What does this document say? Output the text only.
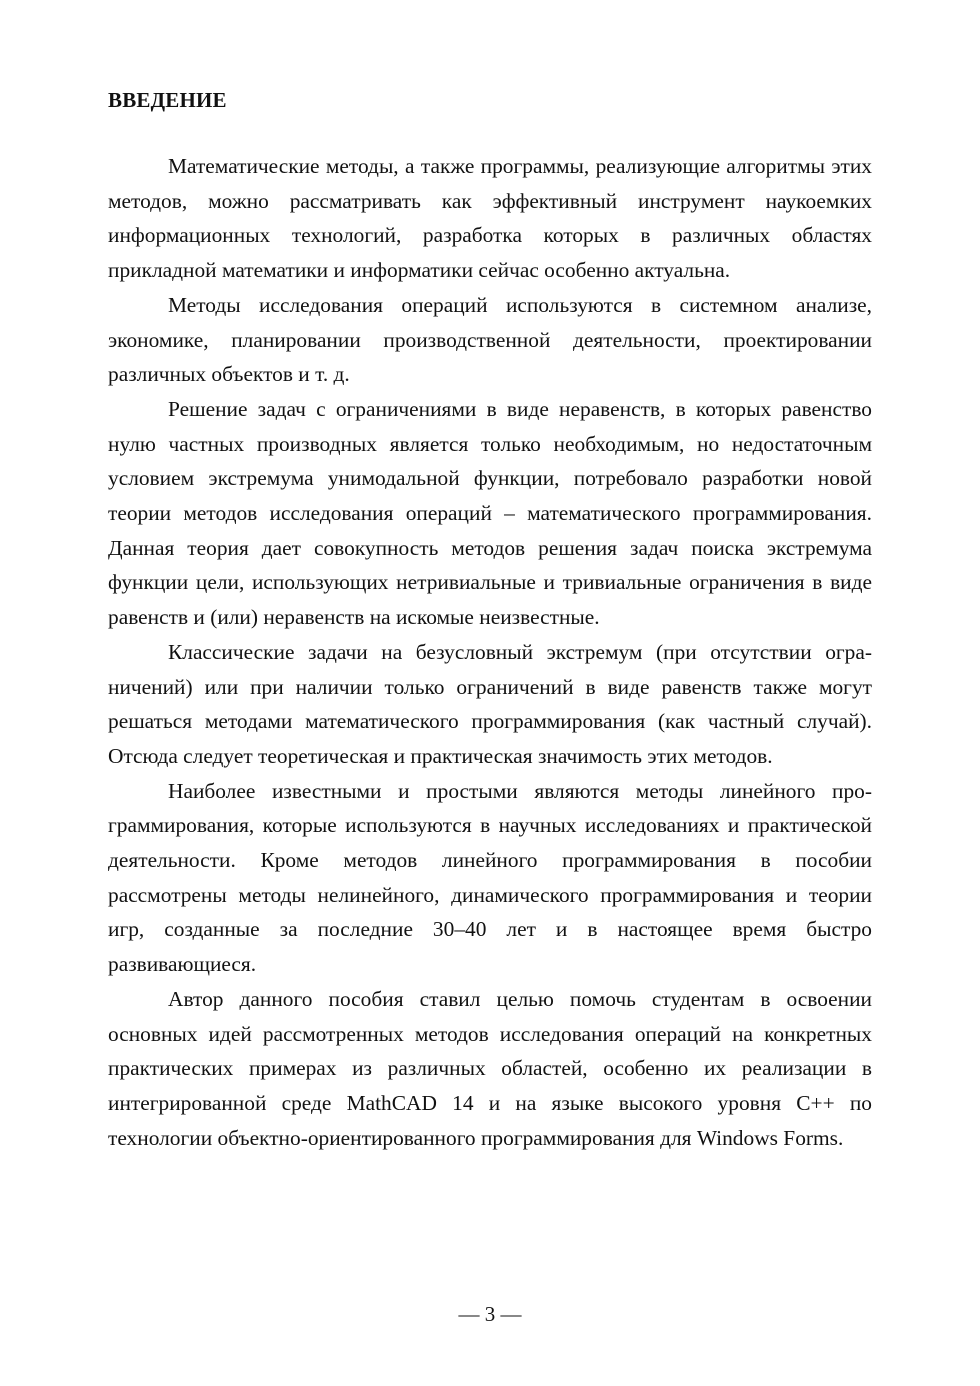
ВВЕДЕНИЕ

Математические методы, а также программы, реализующие алгоритмы этих методов, можно рассматривать как эффективный инструмент наукоемких информационных технологий, разработка которых в различных областях прикладной математики и информатики сейчас особенно актуальна.

Методы исследования операций используются в системном анализе, экономике, планировании производственной деятельности, проектировании различных объектов и т. д.

Решение задач с ограничениями в виде неравенств, в которых равенство нулю частных производных является только необходимым, но недостаточным условием экстремума унимодальной функции, потребовало разработки новой теории методов исследования операций – математического программирования. Данная теория дает совокупность методов решения задач поиска экстремума функции цели, использующих нетривиальные и тривиальные ограничения в виде равенств и (или) неравенств на искомые неизвестные.

Классические задачи на безусловный экстремум (при отсутствии ограничений) или при наличии только ограничений в виде равенств также могут решаться методами математического программирования (как частный случай). Отсюда следует теоретическая и практическая значимость этих методов.

Наиболее известными и простыми являются методы линейного программирования, которые используются в научных исследованиях и практической деятельности. Кроме методов линейного программирования в пособии рассмотрены методы нелинейного, динамического программирования и теории игр, созданные за последние 30–40 лет и в настоящее время быстро развивающиеся.

Автор данного пособия ставил целью помочь студентам в освоении основных идей рассмотренных методов исследования операций на конкретных практических примерах из различных областей, особенно их реализации в интегрированной среде MathCAD 14 и на языке высокого уровня C++ по технологии объектно-ориентированного программирования для Windows Forms.

— 3 —
